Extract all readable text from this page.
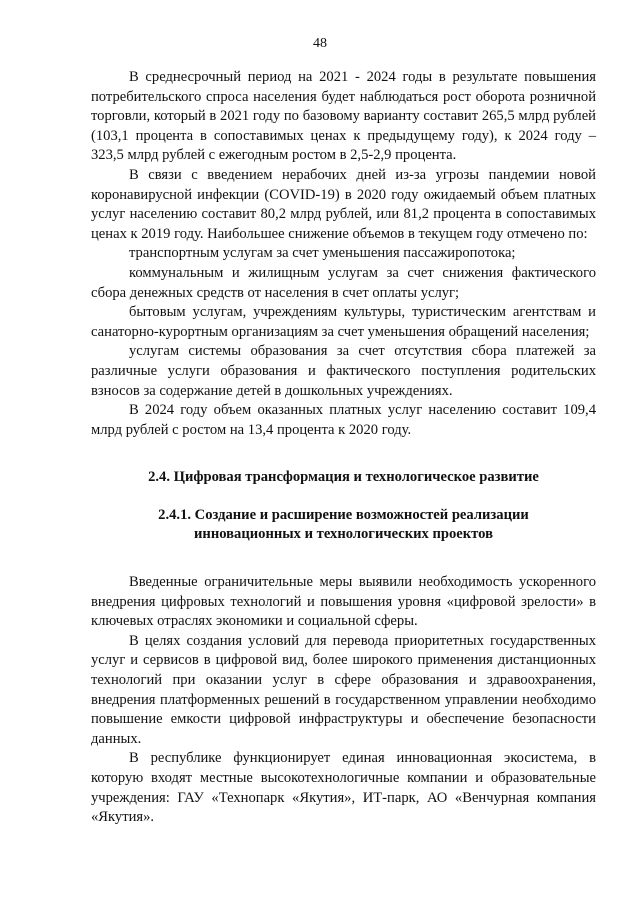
48

В среднесрочный период на 2021 - 2024 годы в результате повышения потребительского спроса населения будет наблюдаться рост оборота розничной торговли, который в 2021 году по базовому варианту составит 265,5 млрд рублей (103,1 процента в сопоставимых ценах к предыдущему году), к 2024 году – 323,5 млрд рублей с ежегодным ростом в 2,5-2,9 процента.

В связи с введением нерабочих дней из-за угрозы пандемии новой коронавирусной инфекции (COVID-19) в 2020 году ожидаемый объем платных услуг населению составит 80,2 млрд рублей, или 81,2 процента в сопоставимых ценах к 2019 году. Наибольшее снижение объемов в текущем году отмечено по:

транспортным услугам за счет уменьшения пассажиропотока;

коммунальным и жилищным услугам за счет снижения фактического сбора денежных средств от населения в счет оплаты услуг;

бытовым услугам, учреждениям культуры, туристическим агентствам и санаторно-курортным организациям за счет уменьшения обращений населения;

услугам системы образования за счет отсутствия сбора платежей за различные услуги образования и фактического поступления родительских взносов за содержание детей в дошкольных учреждениях.

В 2024 году объем оказанных платных услуг населению составит 109,4 млрд рублей с ростом на 13,4 процента к 2020 году.

2.4. Цифровая трансформация и технологическое развитие
2.4.1. Создание и расширение возможностей реализации
инновационных и технологических проектов

Введенные ограничительные меры выявили необходимость ускоренного внедрения цифровых технологий и повышения уровня «цифровой зрелости» в ключевых отраслях экономики и социальной сферы.

В целях создания условий для перевода приоритетных государственных услуг и сервисов в цифровой вид, более широкого применения дистанционных технологий при оказании услуг в сфере образования и здравоохранения, внедрения платформенных решений в государственном управлении необходимо повышение емкости цифровой инфраструктуры и обеспечение безопасности данных.

В республике функционирует единая инновационная экосистема, в которую входят местные высокотехнологичные компании и образовательные учреждения: ГАУ «Технопарк «Якутия», ИТ-парк, АО «Венчурная компания «Якутия».
